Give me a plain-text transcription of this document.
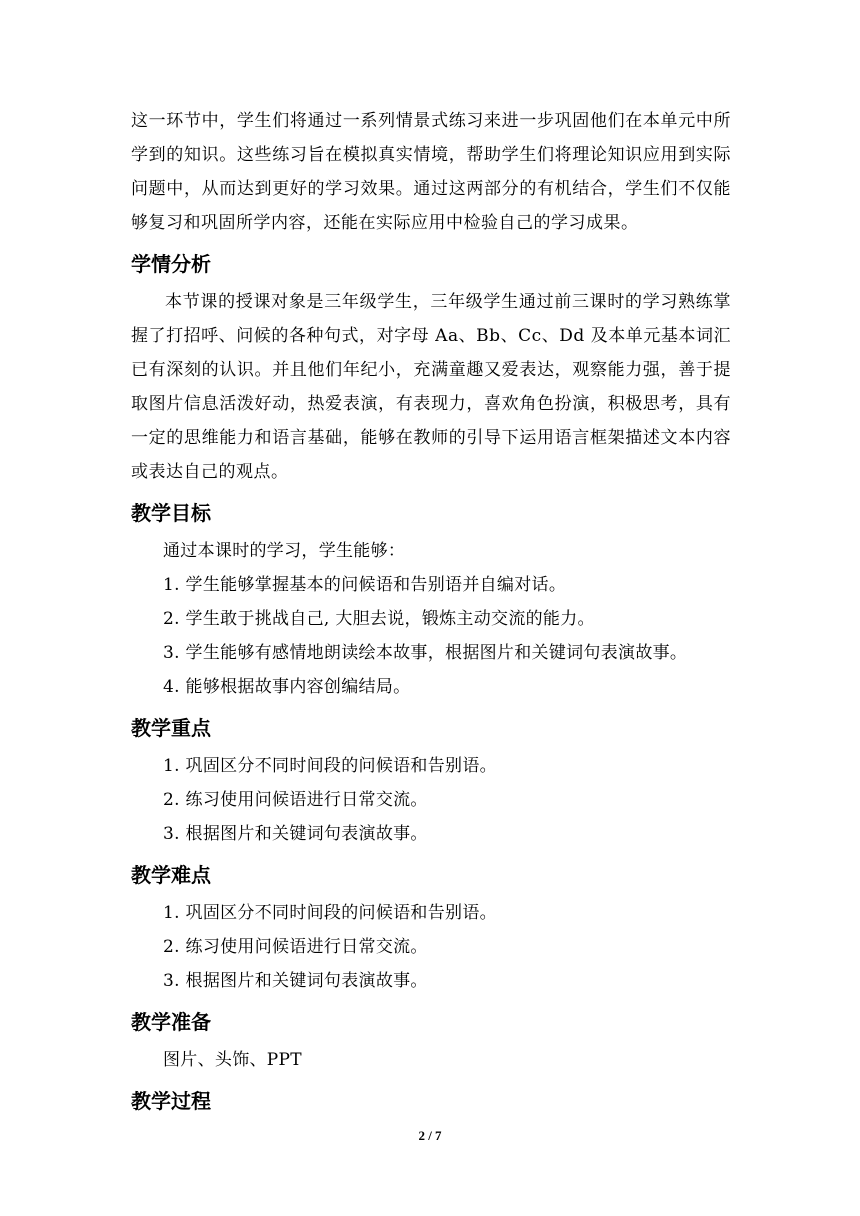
这一环节中，学生们将通过一系列情景式练习来进一步巩固他们在本单元中所学到的知识。这些练习旨在模拟真实情境，帮助学生们将理论知识应用到实际问题中，从而达到更好的学习效果。通过这两部分的有机结合，学生们不仅能够复习和巩固所学内容，还能在实际应用中检验自己的学习成果。

学情分析

本节课的授课对象是三年级学生，三年级学生通过前三课时的学习熟练掌握了打招呼、问候的各种句式，对字母 Aa、Bb、Cc、Dd 及本单元基本词汇已有深刻的认识。并且他们年纪小，充满童趣又爱表达，观察能力强，善于提取图片信息活泼好动，热爱表演，有表现力，喜欢角色扮演，积极思考，具有一定的思维能力和语言基础，能够在教师的引导下运用语言框架描述文本内容或表达自己的观点。

教学目标
通过本课时的学习，学生能够：
1. 学生能够掌握基本的问候语和告别语并自编对话。
2. 学生敢于挑战自己, 大胆去说，锻炼主动交流的能力。
3. 学生能够有感情地朗读绘本故事，根据图片和关键词句表演故事。
4. 能够根据故事内容创编结局。
教学重点
1. 巩固区分不同时间段的问候语和告别语。
2. 练习使用问候语进行日常交流。
3. 根据图片和关键词句表演故事。
教学难点
1. 巩固区分不同时间段的问候语和告别语。
2. 练习使用问候语进行日常交流。
3. 根据图片和关键词句表演故事。
教学准备
图片、头饰、PPT
教学过程
2 / 7
